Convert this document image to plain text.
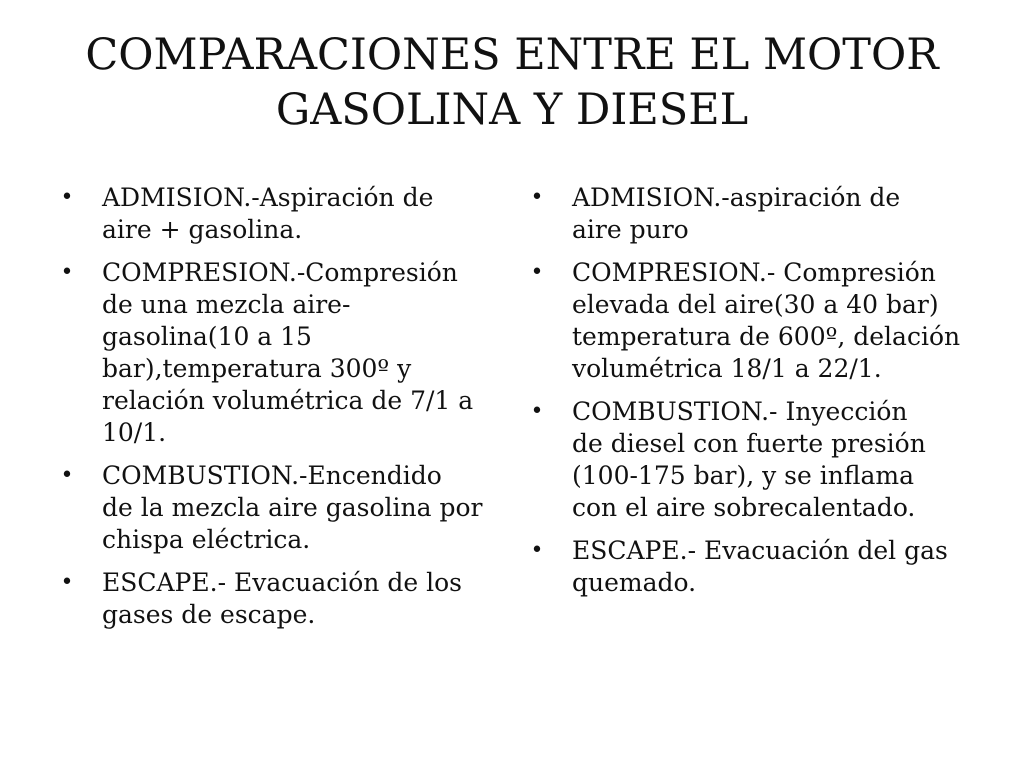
COMPARACIONES ENTRE EL MOTOR
GASOLINA Y DIESEL
• ADMISION.-Aspiración de
aire + gasolina.
• COMPRESION.-Compresión
de una mezcla aire-
gasolina(10 a 15
bar),temperatura 300º y
relación volumétrica de 7/1 a
10/1.
• COMBUSTION.-Encendido
de la mezcla aire gasolina por
chispa eléctrica.
• ESCAPE.- Evacuación de los
gases de escape.
• ADMISION.-aspiración de
aire puro
• COMPRESION.- Compresión
elevada del aire(30 a 40 bar)
temperatura de 600º, delación
volumétrica 18/1 a 22/1.
• COMBUSTION.- Inyección
de diesel con fuerte presión
(100-175 bar), y se inflama
con el aire sobrecalentado.
• ESCAPE.- Evacuación del gas
quemado.
